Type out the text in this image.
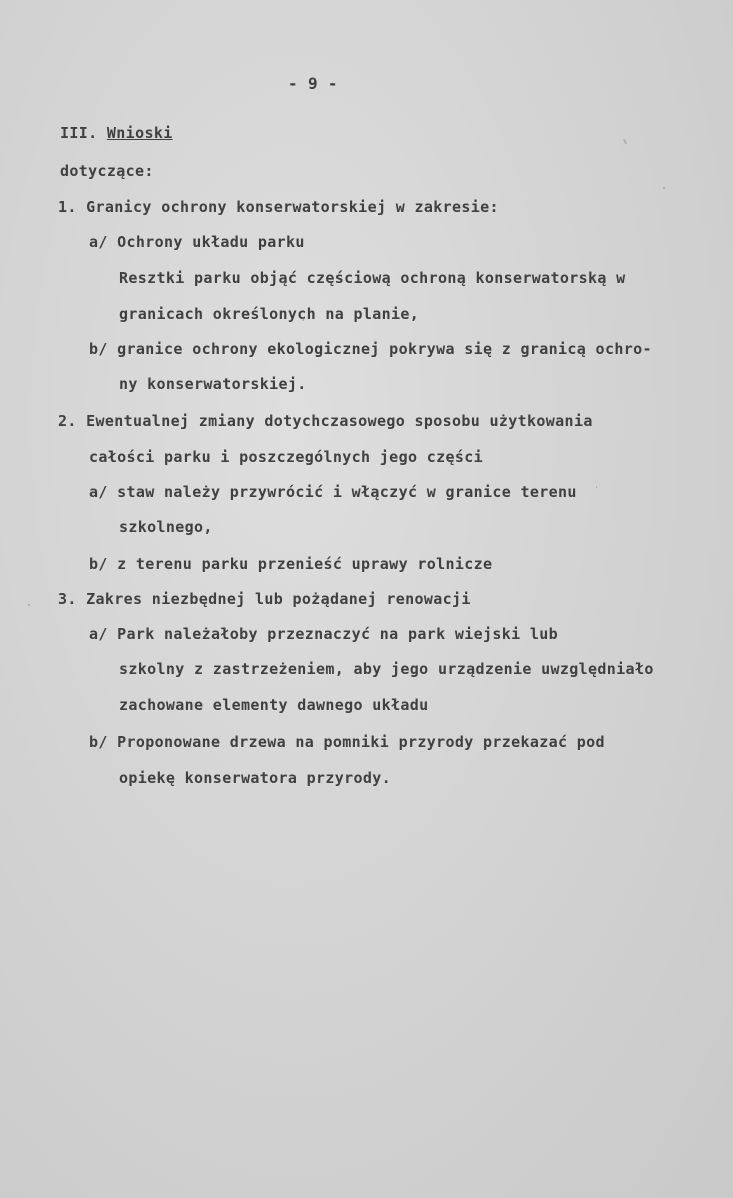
- 9 -
III. Wnioski
dotyczące:
1. Granicy ochrony konserwatorskiej w zakresie:
a/ Ochrony układu parku
Resztki parku objąć częściową ochroną konserwatorską w
granicach określonych na planie,
b/ granice ochrony ekologicznej pokrywa się z granicą ochro-
ny konserwatorskiej.
2. Ewentualnej zmiany dotychczasowego sposobu użytkowania
całości parku i poszczególnych jego części
a/ staw należy przywrócić i włączyć w granice terenu
szkolnego,
b/ z terenu parku przenieść uprawy rolnicze
3. Zakres niezbędnej lub pożądanej renowacji
a/ Park należałoby przeznaczyć na park wiejski lub
szkolny z zastrzeżeniem, aby jego urządzenie uwzględniało
zachowane elementy dawnego układu
b/ Proponowane drzewa na pomniki przyrody przekazać pod
opiekę konserwatora przyrody.
